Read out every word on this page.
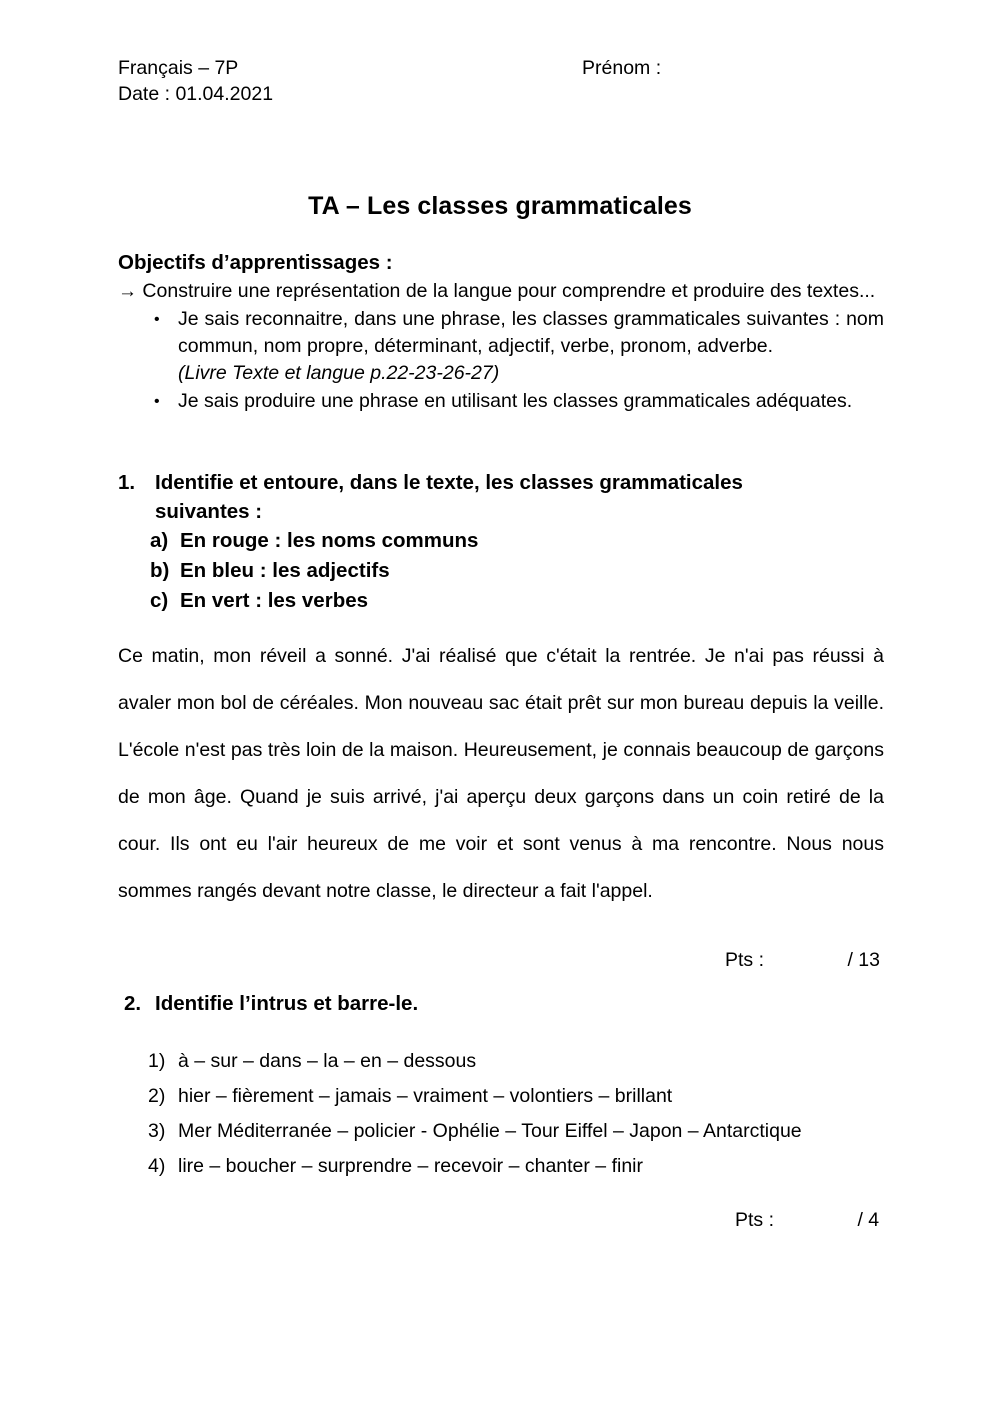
Français – 7P	Prénom :
Date : 01.04.2021
TA – Les classes grammaticales
Objectifs d’apprentissages :

→ Construire une représentation de la langue pour comprendre et produire des textes...

• Je sais reconnaitre, dans une phrase, les classes grammaticales suivantes : nom commun, nom propre, déterminant, adjectif, verbe, pronom, adverbe.
(Livre Texte et langue p.22-23-26-27)
• Je sais produire une phrase en utilisant les classes grammaticales adéquates.
1. Identifie et entoure, dans le texte, les classes grammaticales
suivantes :
a) En rouge : les noms communs
b) En bleu : les adjectifs
c) En vert : les verbes
Ce matin, mon réveil a sonné. J'ai réalisé que c'était la rentrée. Je n'ai pas réussi à avaler mon bol de céréales. Mon nouveau sac était prêt sur mon bureau depuis la veille. L'école n'est pas très loin de la maison. Heureusement, je connais beaucoup de garçons de mon âge. Quand je suis arrivé, j'ai aperçu deux garçons dans un coin retiré de la cour. Ils ont eu l'air heureux de me voir et sont venus à ma rencontre. Nous nous sommes rangés devant notre classe, le directeur a fait l'appel.
Pts :	/ 13
2. Identifie l’intrus et barre-le.
1) à – sur – dans – la – en – dessous
2) hier – fièrement – jamais – vraiment – volontiers – brillant
3) Mer Méditerranée – policier - Ophélie – Tour Eiffel – Japon – Antarctique
4) lire – boucher – surprendre – recevoir – chanter – finir
Pts :	/ 4
